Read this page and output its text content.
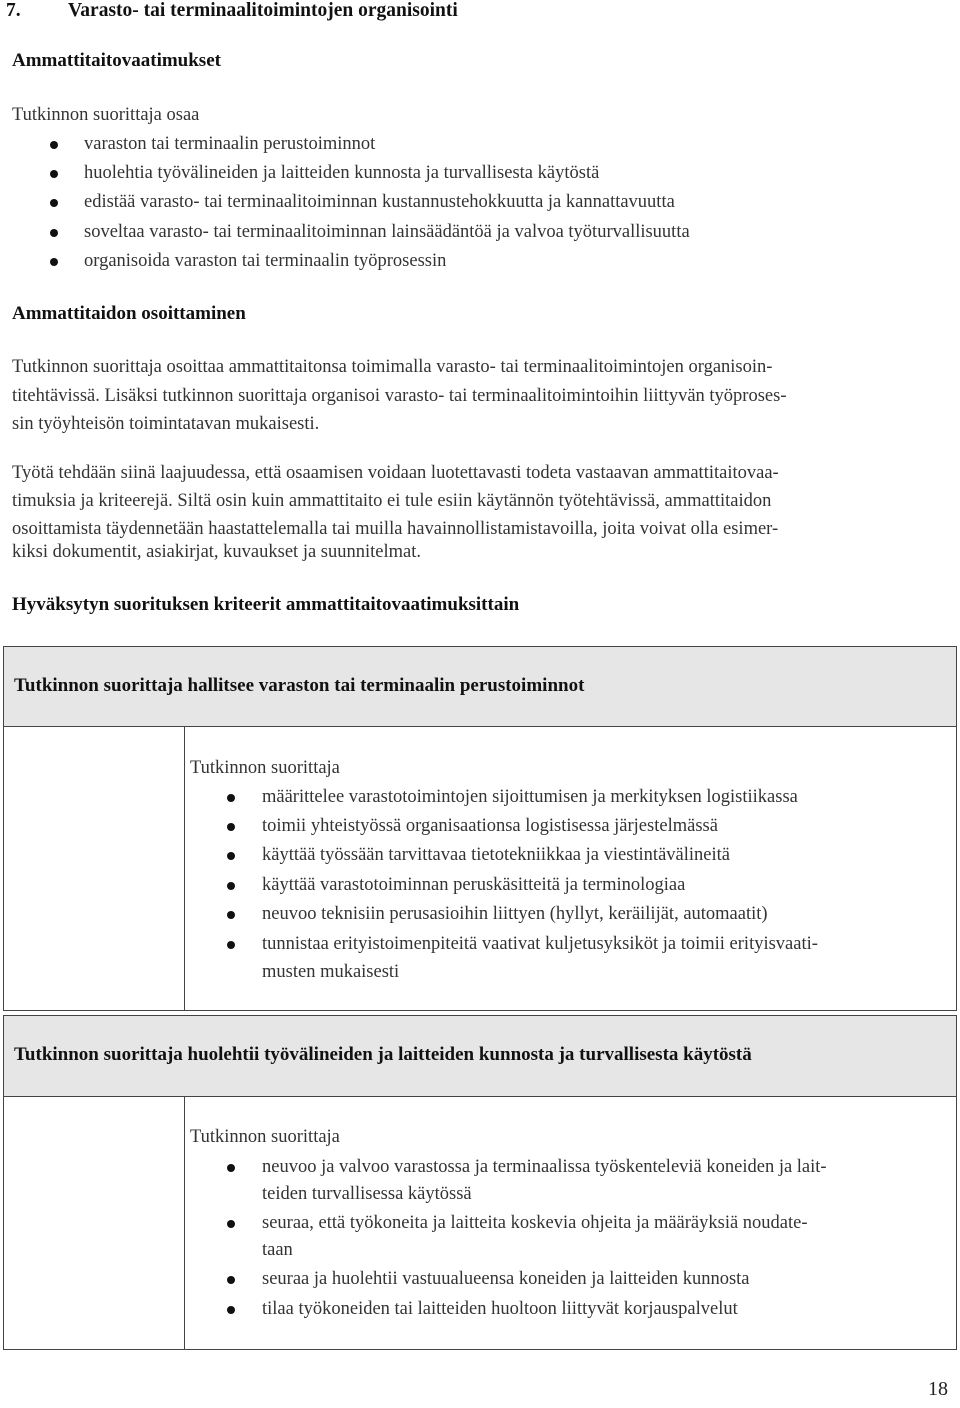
7. Varasto- tai terminaalitoimintojen organisointi
Ammattitaitovaatimukset
Tutkinnon suorittaja osaa
varaston tai terminaalin perustoiminnot
huolehtia työvälineiden ja laitteiden kunnosta ja turvallisesta käytöstä
edistää varasto- tai terminaalitoiminnan kustannustehokkuutta ja kannattavuutta
soveltaa varasto- tai terminaalitoiminnan lainsäädäntöä ja valvoa työturvallisuutta
organisoida varaston tai terminaalin työprosessin
Ammattitaidon osoittaminen
Tutkinnon suorittaja osoittaa ammattitaitonsa toimimalla varasto- tai terminaalitoimintojen organisoin-
titehtävissä. Lisäksi tutkinnon suorittaja organisoi varasto- tai terminaalitoimintoihin liittyvän työproses-
sin työyhteisön toimintatavan mukaisesti.
Työtä tehdään siinä laajuudessa, että osaamisen voidaan luotettavasti todeta vastaavan ammattitaitovaa-
timuksia ja kriteerejä. Siltä osin kuin ammattitaito ei tule esiin käytännön työtehtävissä, ammattitaidon
osoittamista täydennetään haastattelemalla tai muilla havainnollistamistavoilla, joita voivat olla esimer-
kiksi dokumentit, asiakirjat, kuvaukset ja suunnitelmat.
Hyväksytyn suorituksen kriteerit ammattitaitovaatimuksittain
Tutkinnon suorittaja hallitsee varaston tai terminaalin perustoiminnot
Tutkinnon suorittaja
määrittelee varastotoimintojen sijoittumisen ja merkityksen logistiikassa
toimii yhteistyössä organisaationsa logistisessa järjestelmässä
käyttää työssään tarvittavaa tietotekniikkaa ja viestintävälineitä
käyttää varastotoiminnan peruskäsitteitä ja terminologiaa
neuvoo teknisiin perusasioihin liittyen (hyllyt, keräilijät, automaatit)
tunnistaa erityistoimenpiteitä vaativat kuljetusyksiköt ja toimii erityisvaati-
musten mukaisesti
Tutkinnon suorittaja huolehtii työvälineiden ja laitteiden kunnosta ja turvallisesta käytöstä
Tutkinnon suorittaja
neuvoo ja valvoo varastossa ja terminaalissa työskenteleviä koneiden ja lait-
teiden turvallisessa käytössä
seuraa, että työkoneita ja laitteita koskevia ohjeita ja määräyksiä noudate-
taan
seuraa ja huolehtii vastuualueensa koneiden ja laitteiden kunnosta
tilaa työkoneiden tai laitteiden huoltoon liittyvät korjauspalvelut
18
